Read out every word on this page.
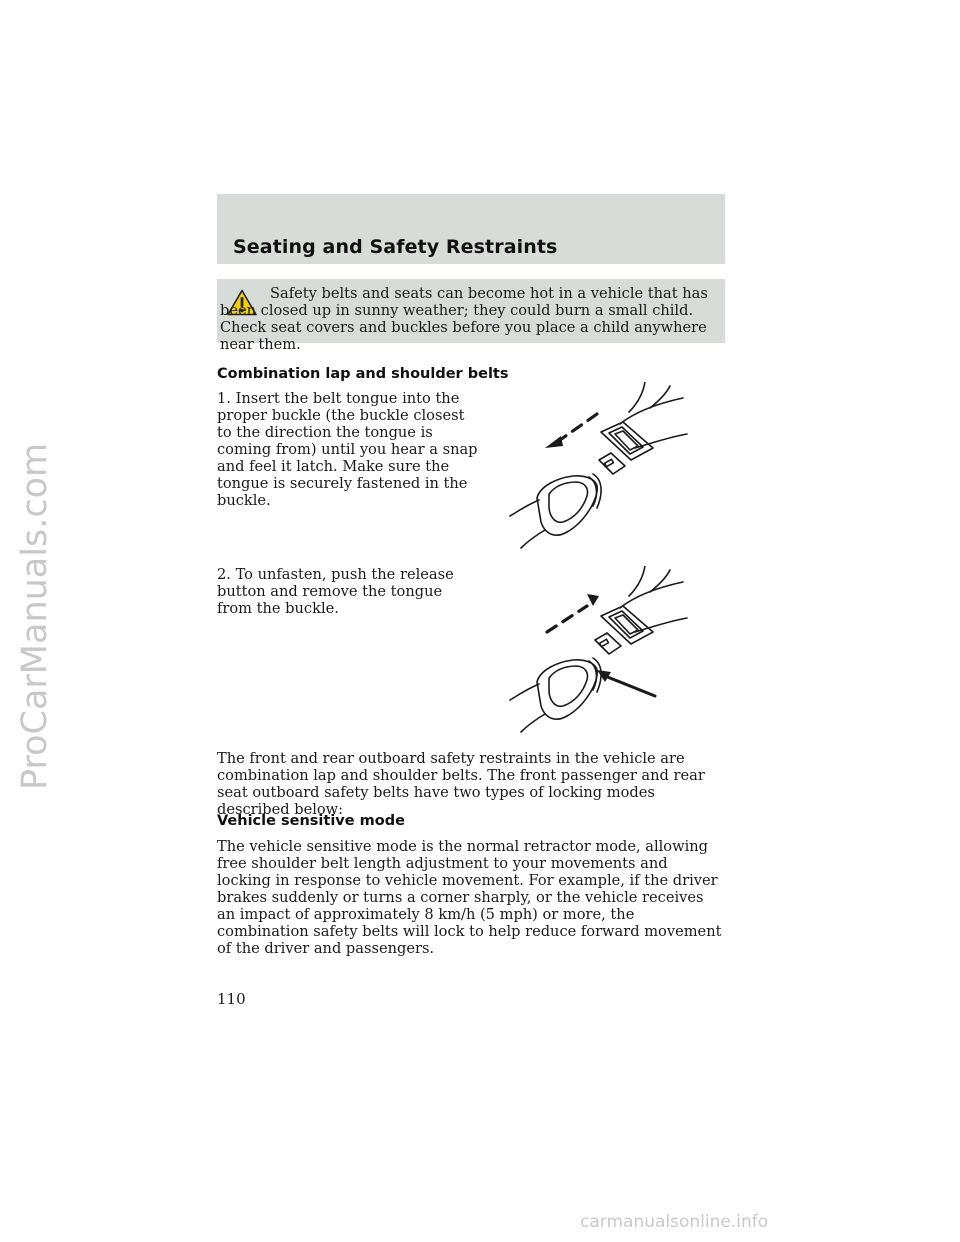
ProCarManuals.com
Seating and Safety Restraints

Safety belts and seats can become hot in a vehicle that has been closed up in sunny weather; they could burn a small child. Check seat covers and buckles before you place a child anywhere near them.

Combination lap and shoulder belts

1. Insert the belt tongue into the proper buckle (the buckle closest to the direction the tongue is coming from) until you hear a snap and feel it latch. Make sure the tongue is securely fastened in the buckle.

2. To unfasten, push the release button and remove the tongue from the buckle.

The front and rear outboard safety restraints in the vehicle are combination lap and shoulder belts. The front passenger and rear seat outboard safety belts have two types of locking modes described below:

Vehicle sensitive mode

The vehicle sensitive mode is the normal retractor mode, allowing free shoulder belt length adjustment to your movements and locking in response to vehicle movement. For example, if the driver brakes suddenly or turns a corner sharply, or the vehicle receives an impact of approximately 8 km/h (5 mph) or more, the combination safety belts will lock to help reduce forward movement of the driver and passengers.

110

carmanualsonline.info
